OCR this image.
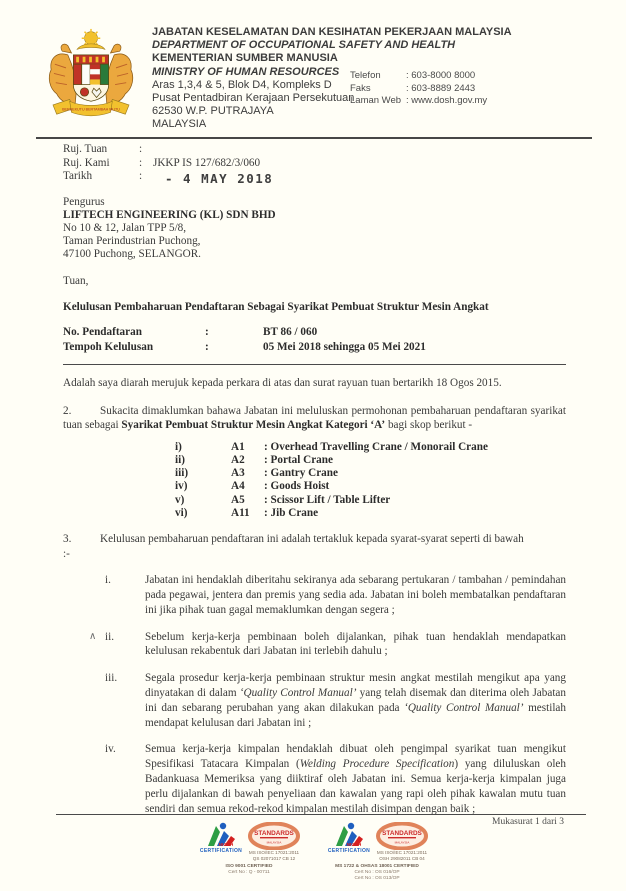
BERSEKUTU BERTAMBAH MUTU
JABATAN KESELAMATAN DAN KESIHATAN PEKERJAAN MALAYSIA
DEPARTMENT OF OCCUPATIONAL SAFETY AND HEALTH
KEMENTERIAN SUMBER MANUSIA
MINISTRY OF HUMAN RESOURCES
Aras 1,3,4 & 5, Blok D4, Kompleks D
Pusat Pentadbiran Kerajaan Persekutuan
62530 W.P. PUTRAJAYA
MALAYSIA
Telefon	: 603-8000 8000
Faks	: 603-8889 2443
Laman Web : www.dosh.gov.my
Ruj. Tuan	:
Ruj. Kami	: JKKP IS 127/682/3/060
Tarikh	:	- 4 MAY 2018
Pengurus
LIFTECH ENGINEERING (KL) SDN BHD
No 10 & 12, Jalan TPP 5/8,
Taman Perindustrian Puchong,
47100 Puchong, SELANGOR.
Tuan,
Kelulusan Pembaharuan Pendaftaran Sebagai Syarikat Pembuat Struktur Mesin Angkat
No. Pendaftaran	:	BT 86 / 060
Tempoh Kelulusan	:	05 Mei 2018 sehingga 05 Mei 2021

Adalah saya diarah merujuk kepada perkara di atas dan surat rayuan tuan bertarikh 18 Ogos 2015.

2.	Sukacita dimaklumkan bahawa Jabatan ini meluluskan permohonan pembaharuan pendaftaran syarikat tuan sebagai Syarikat Pembuat Struktur Mesin Angkat Kategori ‘A’ bagi skop berikut -

i)	A1	: Overhead Travelling Crane / Monorail Crane
ii)	A2	: Portal Crane
iii)	A3	: Gantry Crane
iv)	A4	: Goods Hoist
v)	A5	: Scissor Lift / Table Lifter
vi)	A11	: Jib Crane

3.	Kelulusan pembaharuan pendaftaran ini adalah tertakluk kepada syarat-syarat seperti di bawah

:-
i.	Jabatan ini hendaklah diberitahu sekiranya ada sebarang pertukaran / tambahan / pemindahan pada pegawai, jentera dan premis yang sedia ada. Jabatan ini boleh membatalkan pendaftaran ini jika pihak tuan gagal memaklumkan dengan segera ;
∧ ii.	Sebelum kerja-kerja pembinaan boleh dijalankan, pihak tuan hendaklah mendapatkan kelulusan rekabentuk dari Jabatan ini terlebih dahulu ;
iii.	Segala prosedur kerja-kerja pembinaan struktur mesin angkat mestilah mengikut apa yang dinyatakan di dalam ‘Quality Control Manual’ yang telah disemak dan diterima oleh Jabatan ini dan sebarang perubahan yang akan dilakukan pada ‘Quality Control Manual’ mestilah mendapat kelulusan dari Jabatan ini ;
iv.	Semua kerja-kerja kimpalan hendaklah dibuat oleh pengimpal syarikat tuan mengikut Spesifikasi Tatacara Kimpalan (Welding Procedure Specification) yang diluluskan oleh Badankuasa Memeriksa yang diiktiraf oleh Jabatan ini. Semua kerja-kerja kimpalan juga perlu dijalankan di bawah penyeliaan dan kawalan yang rapi oleh pihak kawalan mutu tuan sendiri dan semua rekod-rekod kimpalan mestilah disimpan dengan baik ;
Mukasurat 1 dari 3
NIOSH
CERTIFICATION
STANDARDS
MALAYSIA
MS ISO/IEC 17021:2011
QS 02071017 CB 12
ISO 9001 CERTIFIED
Cert No : Q - 00711
NIOSH
CERTIFICATION
STANDARDS
MALAYSIA
MS ISO/IEC 17021:2011
OSH 29082011 CB 04
MS 1722 & OHSAS 18001 CERTIFIED
Cert No : OS 016/OP
Cert No : OS 013/OP
